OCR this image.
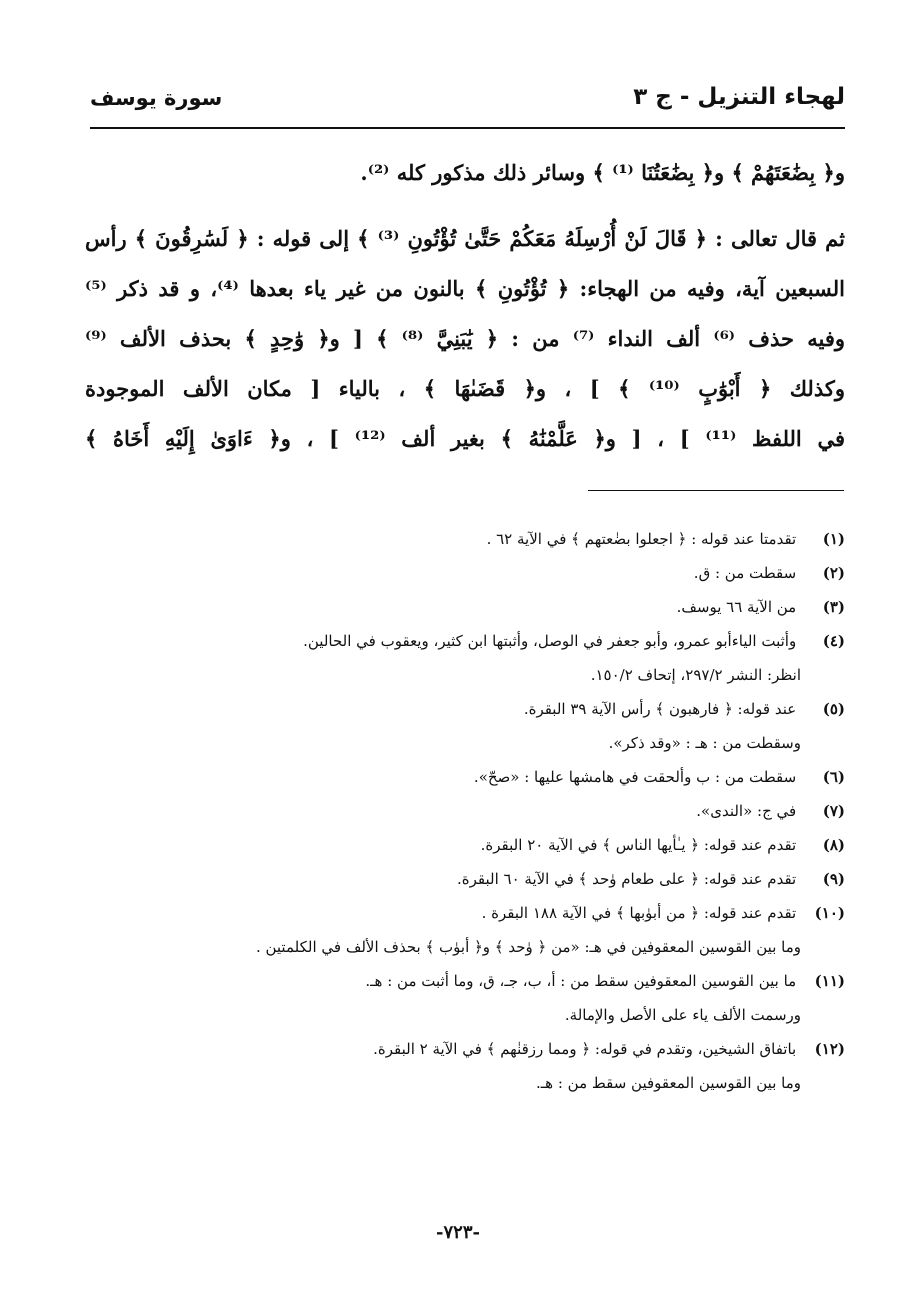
لهجاء التنزيل - ج ٣
سورة يوسف
و﴿ بِضَٰعَتَهُمْ ﴾ و﴿ بِضَٰعَتُنَا ⁽¹⁾ ﴾ وسائر ذلك مذكور كله ⁽²⁾.
ثم قال تعالى : ﴿ قَالَ لَنْ أُرْسِلَهُ مَعَكُمْ حَتَّىٰ تُؤْتُونِ ⁽³⁾ ﴾ إلى قوله : ﴿ لَسَٰرِقُونَ ﴾ رأس
السبعين آية، وفيه من الهجاء: ﴿ تُؤْتُونِ ﴾ بالنون من غير ياء بعدها ⁽⁴⁾، و قد ذكر ⁽⁵⁾
وفيه حذف ⁽⁶⁾ ألف النداء ⁽⁷⁾ من : ﴿ يَٰبَنِيَّ ⁽⁸⁾ ﴾ [ و﴿ وَٰحِدٍ ﴾ بحذف الألف ⁽⁹⁾
وكذلك ﴿ أَبْوَٰبٍ ⁽¹⁰⁾ ﴾ ] ، و﴿ قَضَىٰهَا ﴾ ، بالياء [ مكان الألف الموجودة
في اللفظ ⁽¹¹⁾ ] ، [ و﴿ عَلَّمْنَٰهُ ﴾ بغير ألف ⁽¹²⁾ ] ، و﴿ ءَاوَىٰ إِلَيْهِ أَخَاهُ ﴾
(١) تقدمتا عند قوله : ﴿ اجعلوا بضٰعتهم ﴾ في الآية ٦٢ .
(٢) سقطت من : ق.
(٣) من الآية ٦٦ يوسف.
(٤) وأثبت الياءأبو عمرو، وأبو جعفر في الوصل، وأثبتها ابن كثير، ويعقوب في الحالين.
انظر: النشر ٢٩٧/٢، إتحاف ١٥٠/٢.
(٥) عند قوله: ﴿ فارهبون ﴾ رأس الآية ٣٩ البقرة.
وسقطت من : هـ : «وقد ذكر».
(٦) سقطت من : ب وألحقت في هامشها عليها : «صحّ».
(٧) في ج: «الندى».
(٨) تقدم عند قوله: ﴿ يـٰأيها الناس ﴾ في الآية ٢٠ البقرة.
(٩) تقدم عند قوله: ﴿ على طعام وٰحد ﴾ في الآية ٦٠ البقرة.
(١٠) تقدم عند قوله: ﴿ من أبوٰبها ﴾ في الآية ١٨٨ البقرة .
وما بين القوسين المعقوفين في هـ: «من ﴿ وٰحد ﴾ و﴿ أبوٰب ﴾ بحذف الألف في الكلمتين .
(١١) ما بين القوسين المعقوفين سقط من : أ، ب، جـ، ق، وما أثبت من : هـ.
ورسمت الألف ياء على الأصل والإمالة.
(١٢) باتفاق الشيخين، وتقدم في قوله: ﴿ ومما رزقنٰهم ﴾ في الآية ٢ البقرة.
وما بين القوسين المعقوفين سقط من : هـ.
-٧٢٣-
